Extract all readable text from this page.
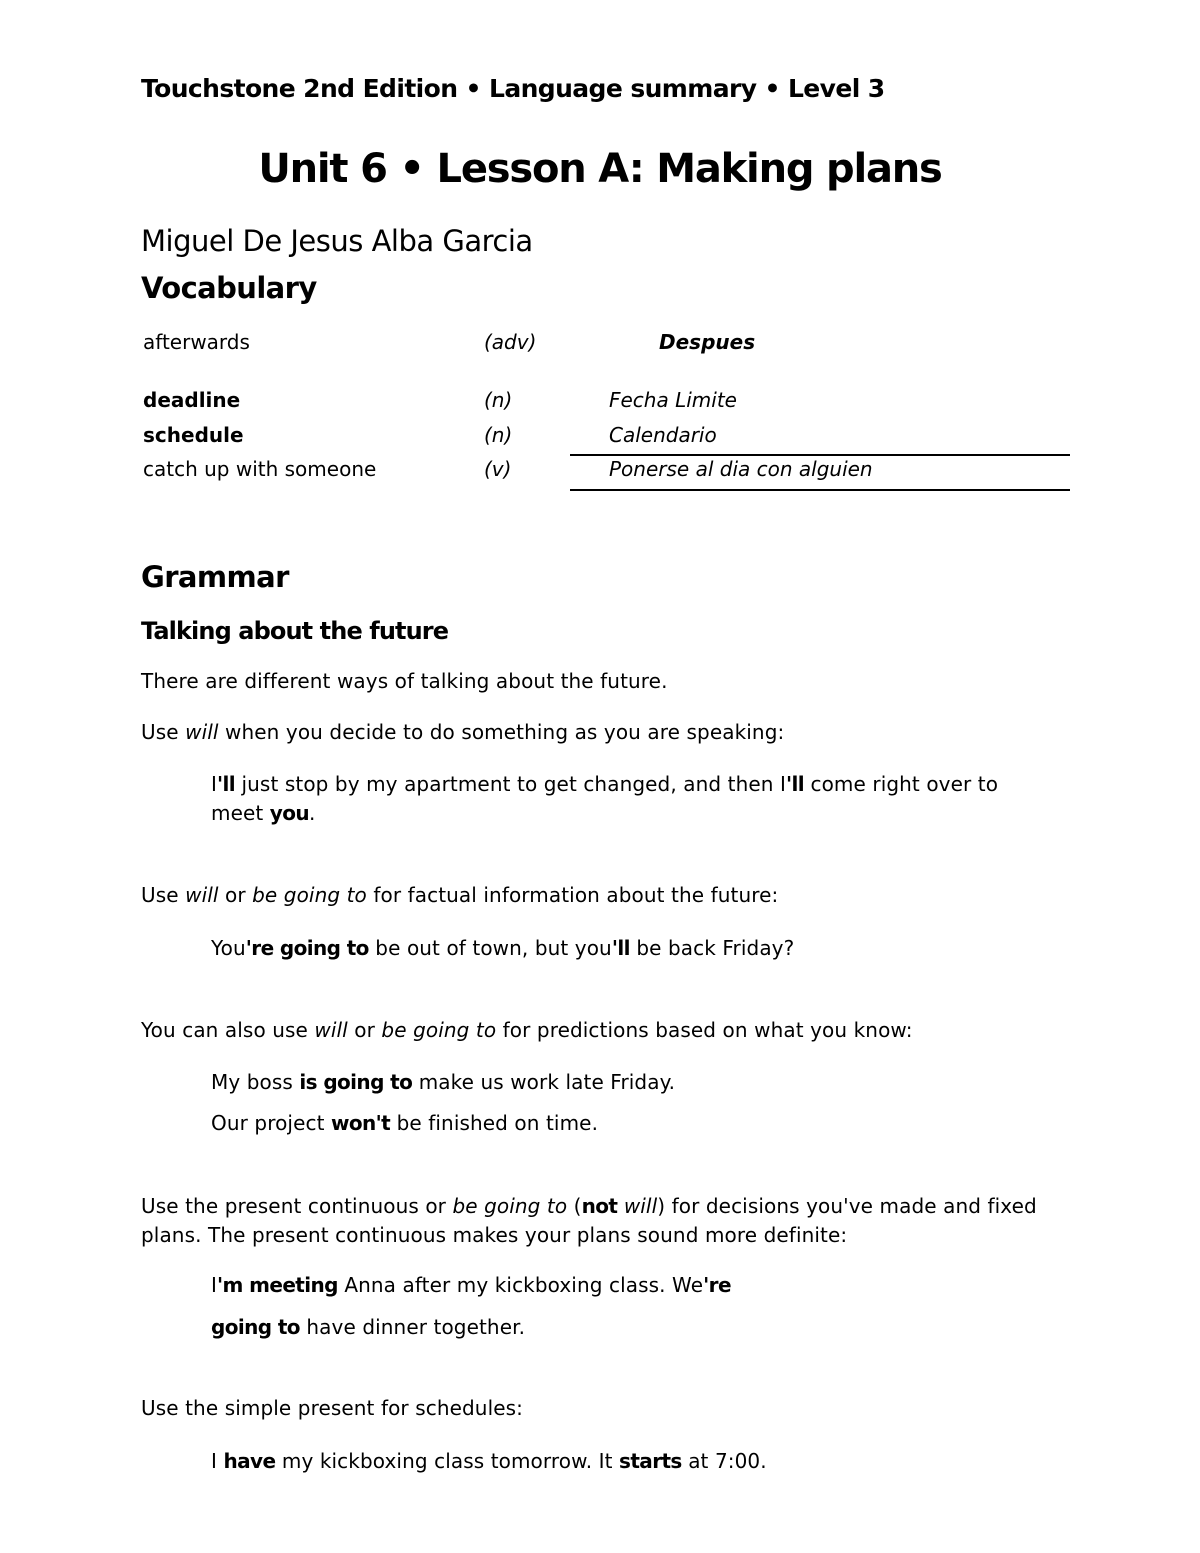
Touchstone 2nd Edition • Language summary • Level 3
Unit 6 • Lesson A: Making plans
Miguel De Jesus Alba Garcia
Vocabulary
afterwards	(adv)	Despues
deadline	(n)	Fecha Limite
schedule	(n)	Calendario
catch up with someone	(v)	Ponerse al dia con alguien
Grammar
Talking about the future
There are different ways of talking about the future.
Use will when you decide to do something as you are speaking:
I'll just stop by my apartment to get changed, and then I'll come right over to meet you.
Use will or be going to for factual information about the future:
You're going to be out of town, but you'll be back Friday?
You can also use will or be going to for predictions based on what you know:
My boss is going to make us work late Friday.
Our project won't be finished on time.
Use the present continuous or be going to (not will) for decisions you've made and fixed plans. The present continuous makes your plans sound more definite:
I'm meeting Anna after my kickboxing class. We're
going to have dinner together.
Use the simple present for schedules:
I have my kickboxing class tomorrow. It starts at 7:00.
